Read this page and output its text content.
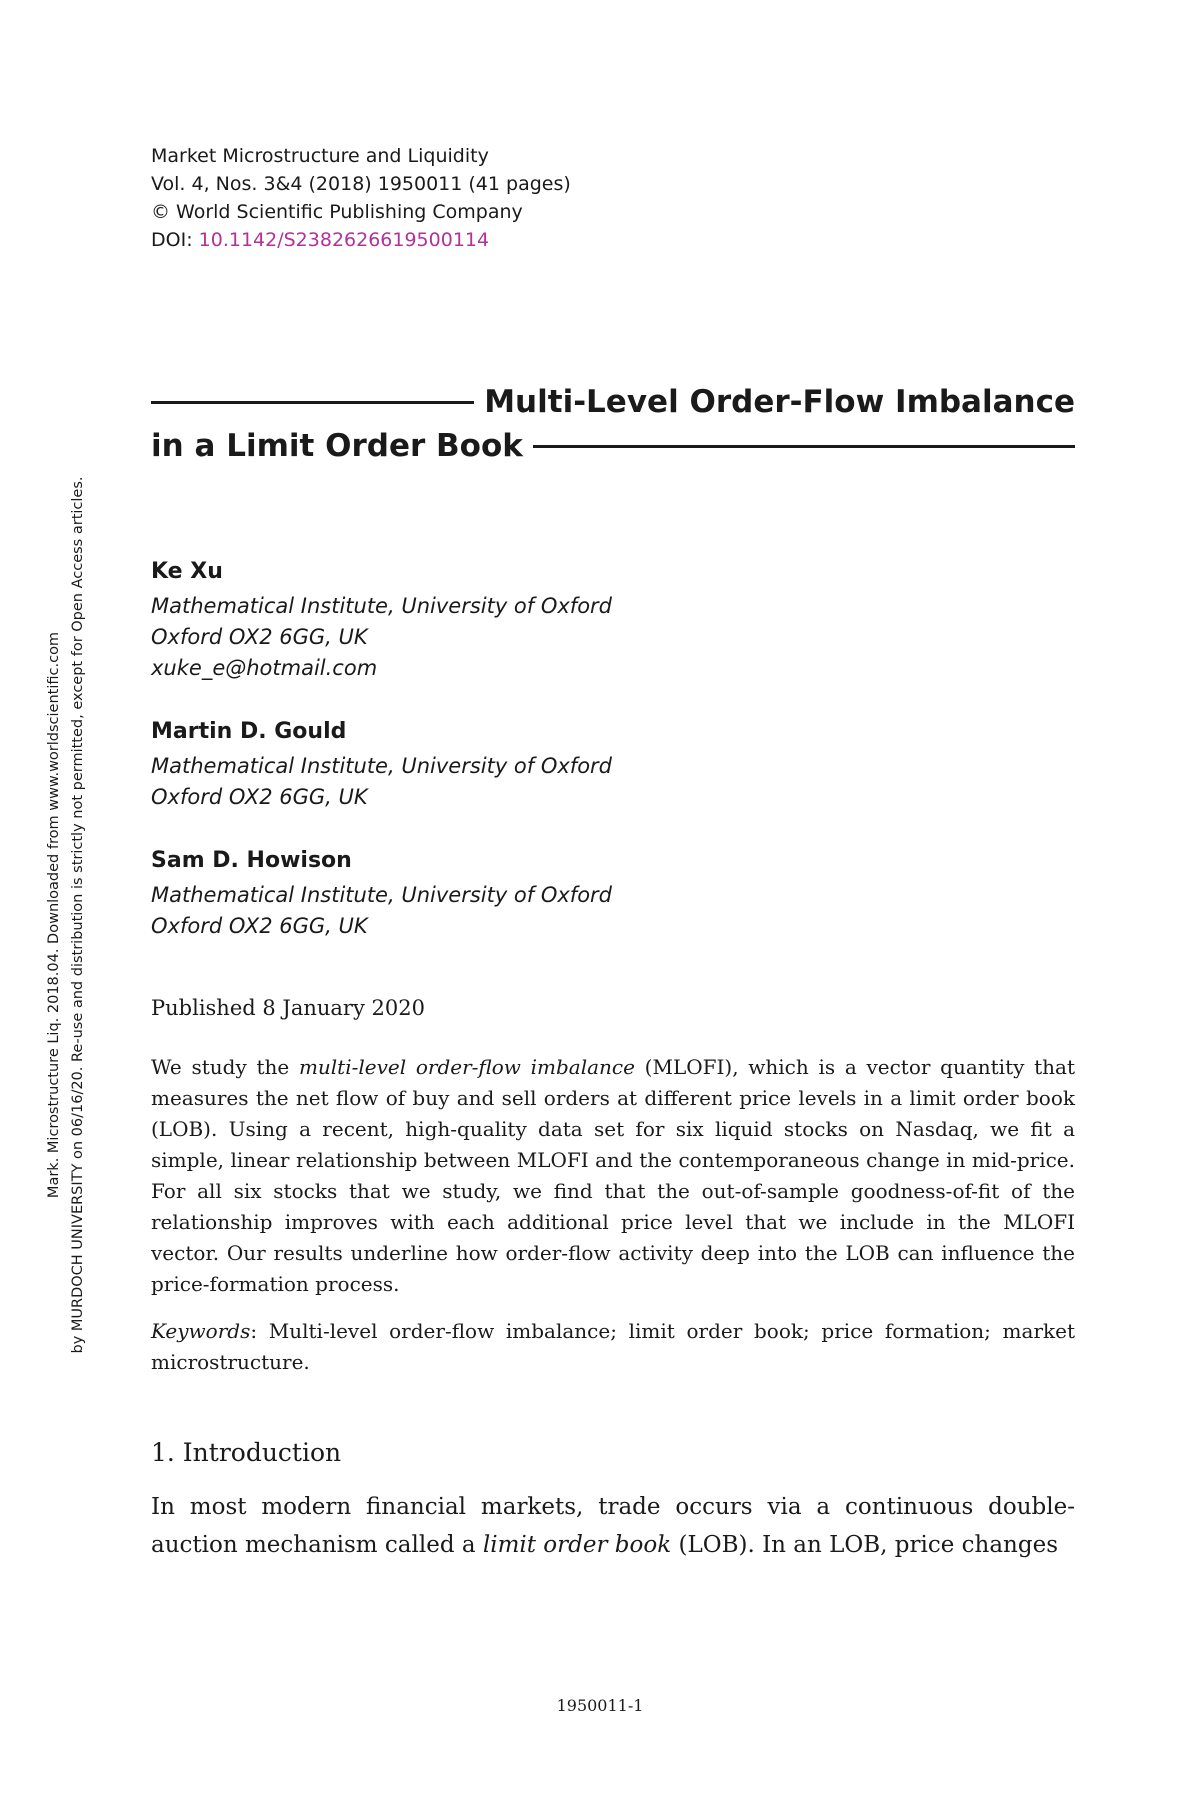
Market Microstructure and Liquidity
Vol. 4, Nos. 3&4 (2018) 1950011 (41 pages)
© World Scientific Publishing Company
DOI: 10.1142/S2382626619500114
Multi-Level Order-Flow Imbalance
in a Limit Order Book
Ke Xu
Mathematical Institute, University of Oxford
Oxford OX2 6GG, UK
xuke_e@hotmail.com
Martin D. Gould
Mathematical Institute, University of Oxford
Oxford OX2 6GG, UK
Sam D. Howison
Mathematical Institute, University of Oxford
Oxford OX2 6GG, UK
Published 8 January 2020
We study the multi-level order-flow imbalance (MLOFI), which is a vector quantity that measures the net flow of buy and sell orders at different price levels in a limit order book (LOB). Using a recent, high-quality data set for six liquid stocks on Nasdaq, we fit a simple, linear relationship between MLOFI and the contemporaneous change in mid-price. For all six stocks that we study, we find that the out-of-sample goodness-of-fit of the relationship improves with each additional price level that we include in the MLOFI vector. Our results underline how order-flow activity deep into the LOB can influence the price-formation process.
Keywords: Multi-level order-flow imbalance; limit order book; price formation; market microstructure.
1. Introduction
In most modern financial markets, trade occurs via a continuous double-auction mechanism called a limit order book (LOB). In an LOB, price changes
1950011-1
Mark. Microstructure Liq. 2018.04. Downloaded from www.worldscientific.com by MURDOCH UNIVERSITY on 06/16/20. Re-use and distribution is strictly not permitted, except for Open Access articles.
